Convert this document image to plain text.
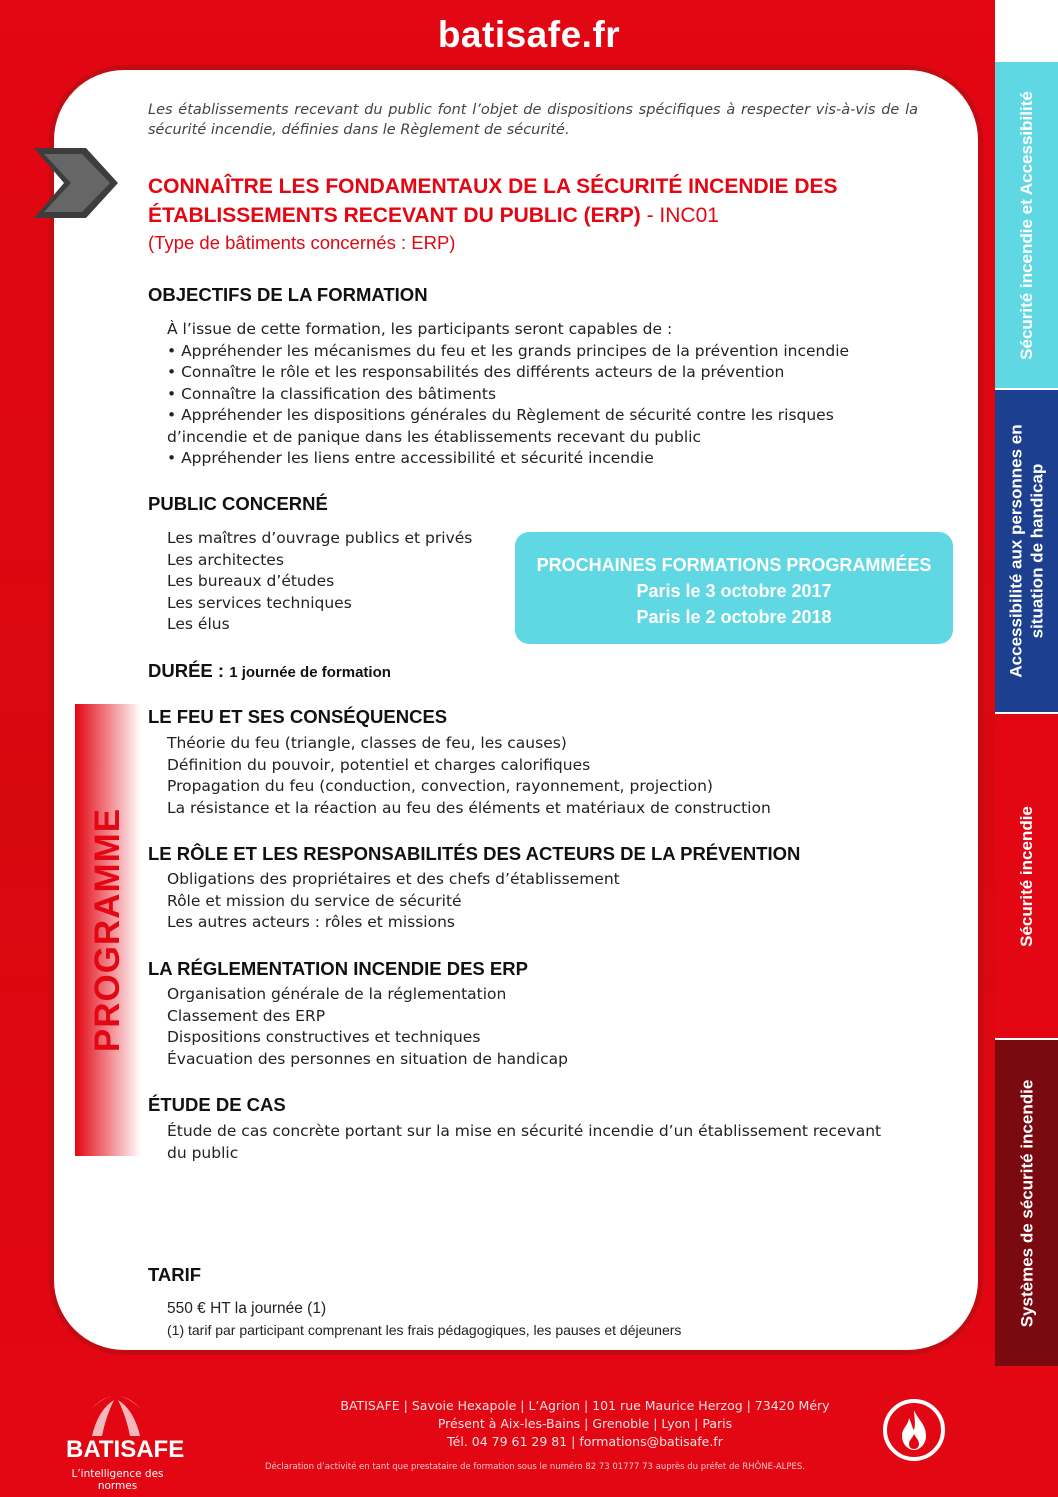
batisafe.fr
Les établissements recevant du public font l’objet de dispositions spécifiques à respecter vis-à-vis de la sécurité incendie, définies dans le Règlement de sécurité.
CONNAÎTRE LES FONDAMENTAUX DE LA SÉCURITÉ INCENDIE DES
ÉTABLISSEMENTS RECEVANT DU PUBLIC (ERP) - INC01
(Type de bâtiments concernés : ERP)
OBJECTIFS DE LA FORMATION
À l’issue de cette formation, les participants seront capables de :
• Appréhender les mécanismes du feu et les grands principes de la prévention incendie
• Connaître le rôle et les responsabilités des différents acteurs de la prévention
• Connaître la classification des bâtiments
• Appréhender les dispositions générales du Règlement de sécurité contre les risques
d’incendie et de panique dans les établissements recevant du public
• Appréhender les liens entre accessibilité et sécurité incendie
PUBLIC CONCERNÉ
Les maîtres d’ouvrage publics et privés
Les architectes
Les bureaux d’études
Les services techniques
Les élus
PROCHAINES FORMATIONS PROGRAMMÉES
Paris le 3 octobre 2017
Paris le 2 octobre 2018
DURÉE : 1 journée de formation
PROGRAMME
LE FEU ET SES CONSÉQUENCES
Théorie du feu (triangle, classes de feu, les causes)
Définition du pouvoir, potentiel et charges calorifiques
Propagation du feu (conduction, convection, rayonnement, projection)
La résistance et la réaction au feu des éléments et matériaux de construction
LE RÔLE ET LES RESPONSABILITÉS DES ACTEURS DE LA PRÉVENTION
Obligations des propriétaires et des chefs d’établissement
Rôle et mission du service de sécurité
Les autres acteurs : rôles et missions
LA RÉGLEMENTATION INCENDIE DES ERP
Organisation générale de la réglementation
Classement des ERP
Dispositions constructives et techniques
Évacuation des personnes en situation de handicap
ÉTUDE DE CAS
Étude de cas concrète portant sur la mise en sécurité incendie d’un établissement recevant
du public
TARIF
550 € HT la journée (1)
(1) tarif par participant comprenant les frais pédagogiques, les pauses et déjeuners
Sécurité incendie et Accessibilité
Accessibilité aux personnes en situation de handicap
Sécurité incendie
Systèmes de sécurité incendie
BATISAFE
L’intelligence des normes
BATISAFE | Savoie Hexapole | L’Agrion | 101 rue Maurice Herzog | 73420 Méry
Présent à Aix-les-Bains | Grenoble | Lyon | Paris
Tél. 04 79 61 29 81 | formations@batisafe.fr
Déclaration d’activité en tant que prestataire de formation sous le numéro 82 73 01777 73 auprès du préfet de RHÔNE-ALPES.
